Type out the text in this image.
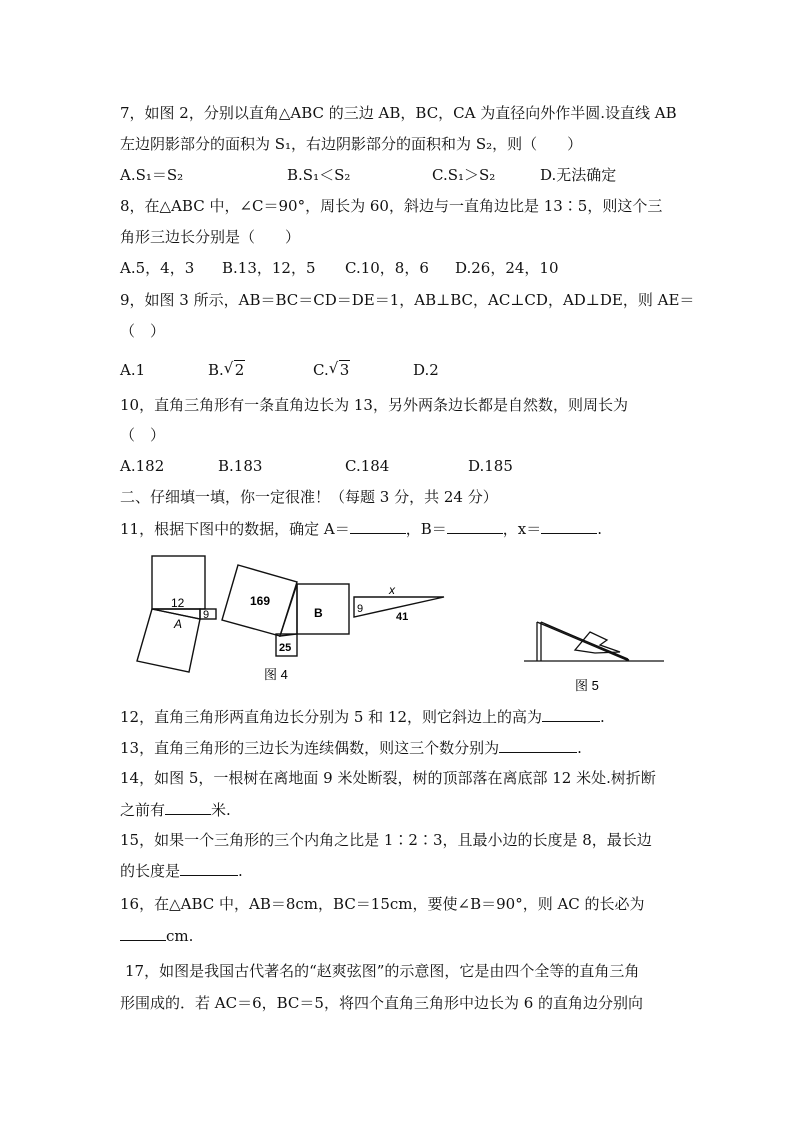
7，如图 2，分别以直角△ABC 的三边 AB，BC，CA 为直径向外作半圆.设直线 AB
左边阴影部分的面积为 S₁，右边阴影部分的面积和为 S₂，则（　　）
A.S₁＝S₂	B.S₁＜S₂	C.S₁＞S₂	D.无法确定
8，在△ABC 中，∠C＝90°，周长为 60，斜边与一直角边比是 13∶5，则这个三
角形三边长分别是（　　）
A.5，4，3 B.13，12，5 C.10，8，6 D.26，24，10
9，如图 3 所示，AB＝BC＝CD＝DE＝1，AB⊥BC，AC⊥CD，AD⊥DE，则 AE＝
（　）
A.1	B. √ 2	C. √ 3	D.2
10，直角三角形有一条直角边长为 13，另外两条边长都是自然数，则周长为
（　）
A.182	B.183	C.184	D.185
二、仔细填一填，你一定很准！（每题 3 分，共 24 分）
11，根据下图中的数据，确定 A＝	，B＝	，x＝	.
12
A
9
169
B
25
9
x
41
图 4
图 5
12，直角三角形两直角边长分别为 5 和 12，则它斜边上的高为	.
13，直角三角形的三边长为连续偶数，则这三个数分别为	.
14，如图 5，一根树在离地面 9 米处断裂，树的顶部落在离底部 12 米处.树折断
之前有	米.
15，如果一个三角形的三个内角之比是 1∶2∶3，且最小边的长度是 8，最长边
的长度是	.
16，在△ABC 中，AB＝8cm，BC＝15cm，要使∠B＝90°，则 AC 的长必为
cm.
17，如图是我国古代著名的“赵爽弦图”的示意图，它是由四个全等的直角三角
形围成的．若 AC＝6，BC＝5，将四个直角三角形中边长为 6 的直角边分别向
